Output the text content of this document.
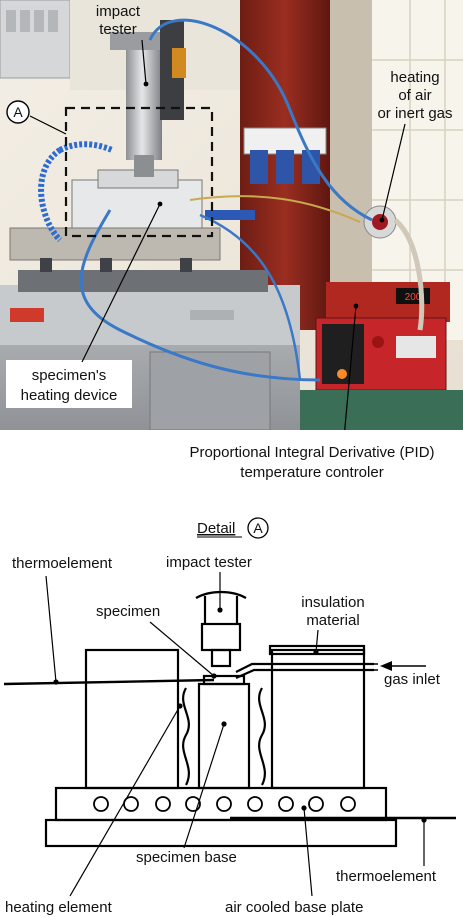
200
impact
tester
A
heating
of air
or inert gas
specimen's
heating device
Proportional Integral Derivative (PID)
temperature controler
Detail A
thermoelement	impact tester
specimen
insulation
material
gas inlet
specimen base
thermoelement
heating element	air cooled base plate
